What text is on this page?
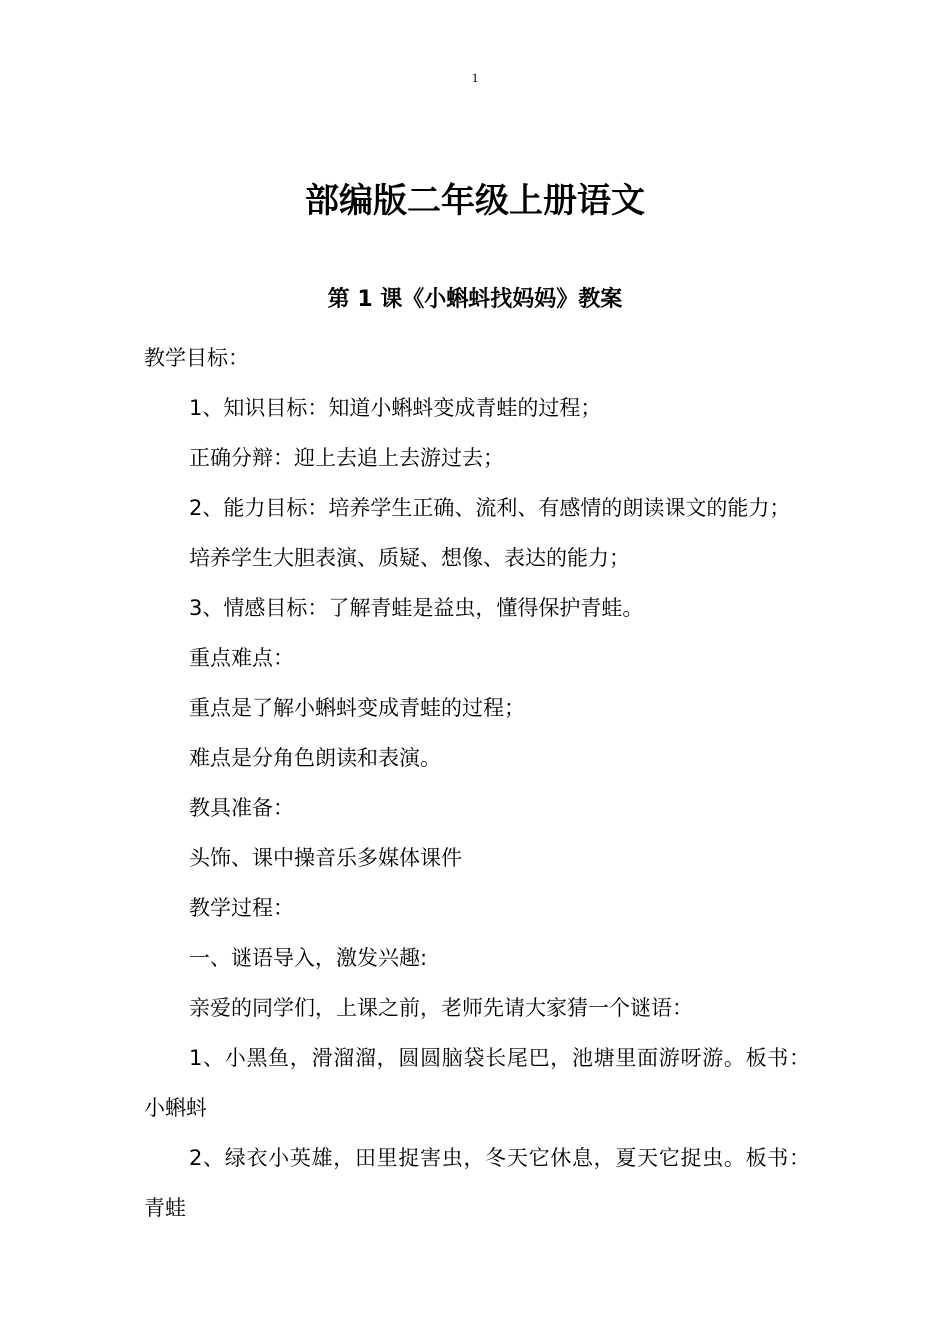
1
部编版二年级上册语文
第 1 课《小蝌蚪找妈妈》教案

教学目标：

1、知识目标：知道小蝌蚪变成青蛙的过程；

正确分辩：迎上去追上去游过去；

2、能力目标：培养学生正确、流利、有感情的朗读课文的能力；

培养学生大胆表演、质疑、想像、表达的能力；

3、情感目标：了解青蛙是益虫，懂得保护青蛙。

重点难点：

重点是了解小蝌蚪变成青蛙的过程；

难点是分角色朗读和表演。

教具准备：

头饰、课中操音乐多媒体课件

教学过程：

一、谜语导入，激发兴趣:

亲爱的同学们，上课之前，老师先请大家猜一个谜语：

1、小黑鱼，滑溜溜，圆圆脑袋长尾巴，池塘里面游呀游。板书：小蝌蚪

2、绿衣小英雄，田里捉害虫，冬天它休息，夏天它捉虫。板书：青蛙
